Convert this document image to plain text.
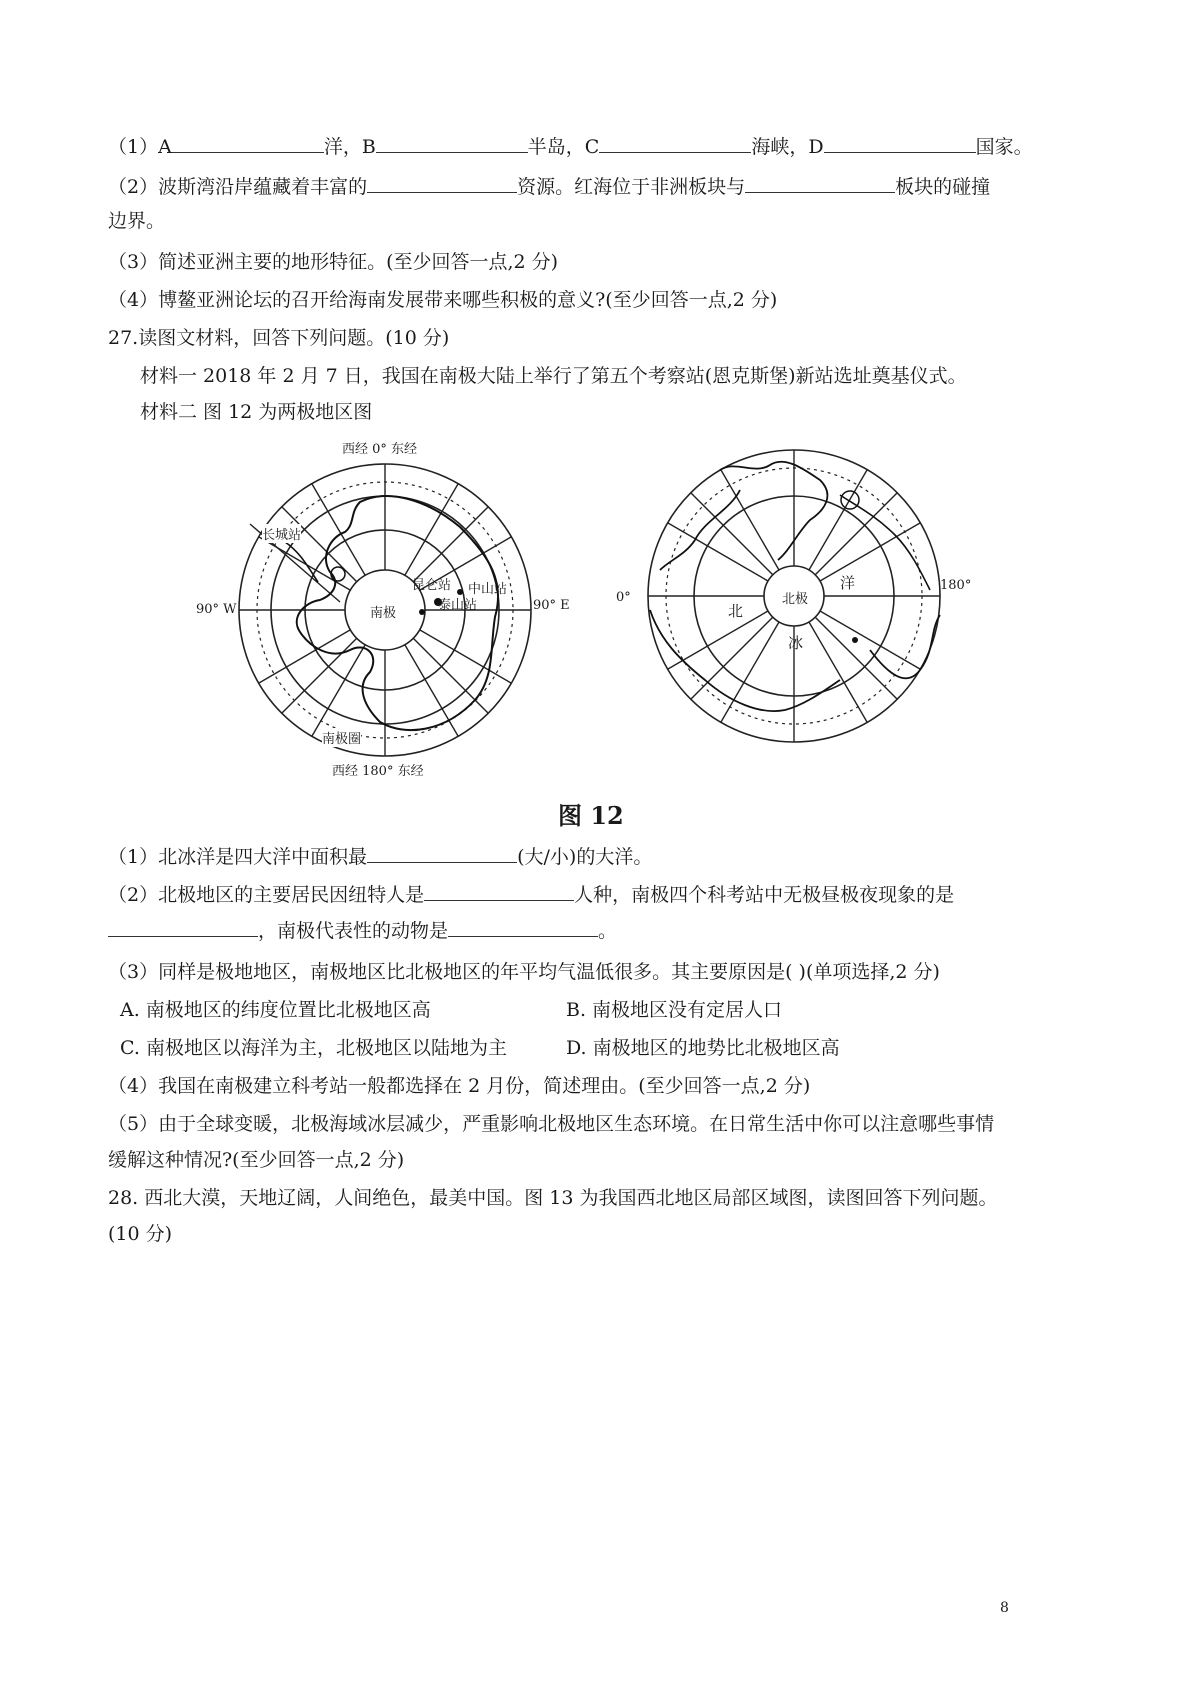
（1）A	洋，B	半岛，C	海峡，D	国家。
（2）波斯湾沿岸蕴藏着丰富的	资源。红海位于非洲板块与	板块的碰撞
边界。
（3）简述亚洲主要的地形特征。(至少回答一点,2 分)
（4）博鳌亚洲论坛的召开给海南发展带来哪些积极的意义?(至少回答一点,2 分)
27.读图文材料，回答下列问题。(10 分)
材料一 2018 年 2 月 7 日，我国在南极大陆上举行了第五个考察站(恩克斯堡)新站选址奠基仪式。
材料二 图 12 为两极地区图
西经 0° 东经
西经 180° 东经
90° W	90° E
南极
南极圈
长城站
昆仑站 中山站
泰山站
0°
180°
北极
北
冰
洋
图 12
（1）北冰洋是四大洋中面积最	(大/小)的大洋。
（2）北极地区的主要居民因纽特人是	人种，南极四个科考站中无极昼极夜现象的是
，南极代表性的动物是	。
（3）同样是极地地区，南极地区比北极地区的年平均气温低很多。其主要原因是( )(单项选择,2 分)
A. 南极地区的纬度位置比北极地区高	B. 南极地区没有定居人口
C. 南极地区以海洋为主，北极地区以陆地为主	D. 南极地区的地势比北极地区高
（4）我国在南极建立科考站一般都选择在 2 月份，简述理由。(至少回答一点,2 分)
（5）由于全球变暖，北极海域冰层减少，严重影响北极地区生态环境。在日常生活中你可以注意哪些事情
缓解这种情况?(至少回答一点,2 分)
28. 西北大漠，天地辽阔，人间绝色，最美中国。图 13 为我国西北地区局部区域图，读图回答下列问题。
(10 分)
8
